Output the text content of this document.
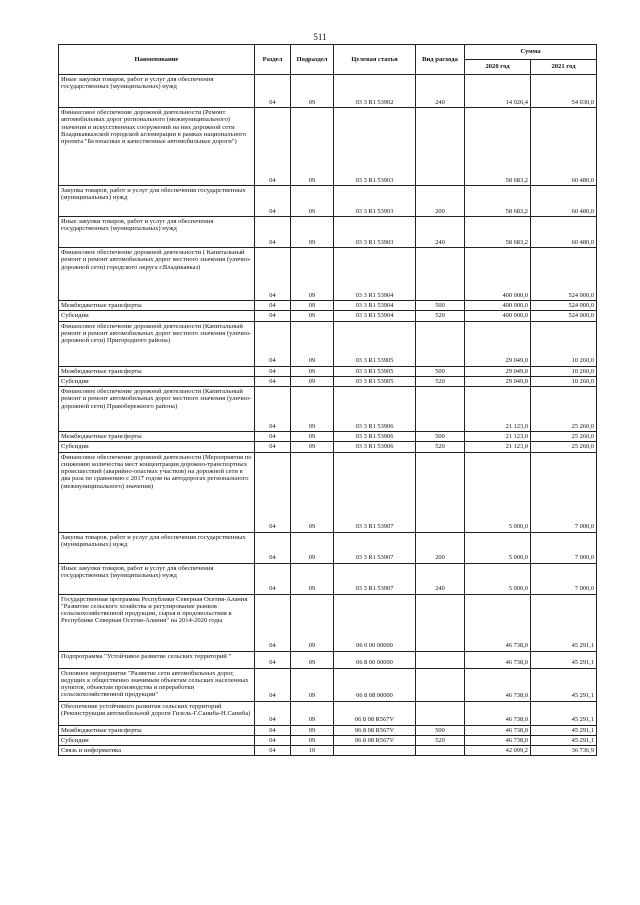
511
Наименование	Раздел	Подраздел	Целевая статья	Вид расхода	Сумма	
					2020 год	2021 год
Иные закупки товаров, работ и услуг для обеспечения государственных (муниципальных) нужд	04	09	03 3 R1 53902	240	14 026,4	54 030,0
Финансовое обеспечение дорожной деятельности (Ремонт автомобильных дорог регионального (межмуниципального) значения и искусственных сооружений на них дорожной сети Владикавказской городской агломерации в рамках национального проекта "Безопасные и качественные автомобильные дороги")	04	09	03 3 R1 53903		58 683,2	60 480,0
Закупка товаров, работ и услуг для обеспечения государственных (муниципальных) нужд	04	09	03 3 R1 53903	200	58 683,2	60 480,0
Иные закупки товаров, работ и услуг для обеспечения государственных (муниципальных) нужд	04	09	03 3 R1 53903	240	58 683,2	60 480,0
Финансовое обеспечение дорожной деятельности ( Капитальный ремонт и ремонт автомобильных дорог местного значения (улично-дорожной сети) городского округа г.Владикавказ)	04	09	03 3 R1 53904		400 000,0	524 000,0
Межбюджетные трансферты	04	09	03 3 R1 53904	500	400 000,0	524 000,0
Субсидии	04	09	03 3 R1 53904	520	400 000,0	524 000,0
Финансовое обеспечение дорожной деятельности (Капитальный ремонт и ремонт автомобильных дорог местного значения (улично-дорожной сети) Пригородного района)	04	09	03 3 R1 53905		29 049,0	10 260,0
Межбюджетные трансферты	04	09	03 3 R1 53905	500	29 049,0	10 260,0
Субсидии	04	09	03 3 R1 53905	520	29 049,0	10 260,0
Финансовое обеспечение дорожной деятельности (Капитальный ремонт и ремонт автомобильных дорог местного значения (улично-дорожной сети) Правобережного района)	04	09	03 3 R1 53906		21 123,0	25 260,0
Межбюджетные трансферты	04	09	03 3 R1 53906	500	21 123,0	25 260,0
Субсидии	04	09	03 3 R1 53906	520	21 123,0	25 260,0
Финансовое обеспечение дорожной деятельности (Мероприятия по снижению количества мест концентрации дорожно-транспортных происшествий (аварийно-опасных участков) на дорожной сети в два раза по сравнению с 2017 годом на автодорогах регионального (межмуниципального) значения)	04	09	03 3 R1 53907		5 000,0	7 000,0
Закупка товаров, работ и услуг для обеспечения государственных (муниципальных) нужд	04	09	03 3 R1 53907	200	5 000,0	7 000,0
Иные закупки товаров, работ и услуг для обеспечения государственных (муниципальных) нужд	04	09	03 3 R1 53907	240	5 000,0	7 000,0
Государственная программа Республики Северная Осетия-Алания "Развитие сельского хозяйства и регулирование рынков сельскохозяйственной продукции, сырья и продовольствия в Республике Северная Осетия-Алания" на 2014-2020 годы	04	09	06 0 00 00000		46 738,0	45 291,1
Подпрограмма "Устойчивое развитие сельских территорий "	04	09	06 8 00 00000		46 738,0	45 291,1
Основное мероприятие "Развитие сети автомобильных дорог, ведущих к общественно значимым объектам сельских населенных пунктов, объектам производства и переработки сельскохозяйственной продукции"	04	09	06 8 08 00000		46 738,0	45 291,1
Обеспечение устойчивого развития сельских территорий (Реконструкция автомобильной дороги Гизель-Г.Саниба-Н.Саниба)	04	09	06 8 08 R567V		46 738,0	45 291,1
Межбюджетные трансферты	04	09	06 8 08 R567V	500	46 738,0	45 291,1
Субсидии	04	09	06 8 08 R567V	520	46 738,0	45 291,1
Связь и информатика	04	10			42 099,2	36 736,9
